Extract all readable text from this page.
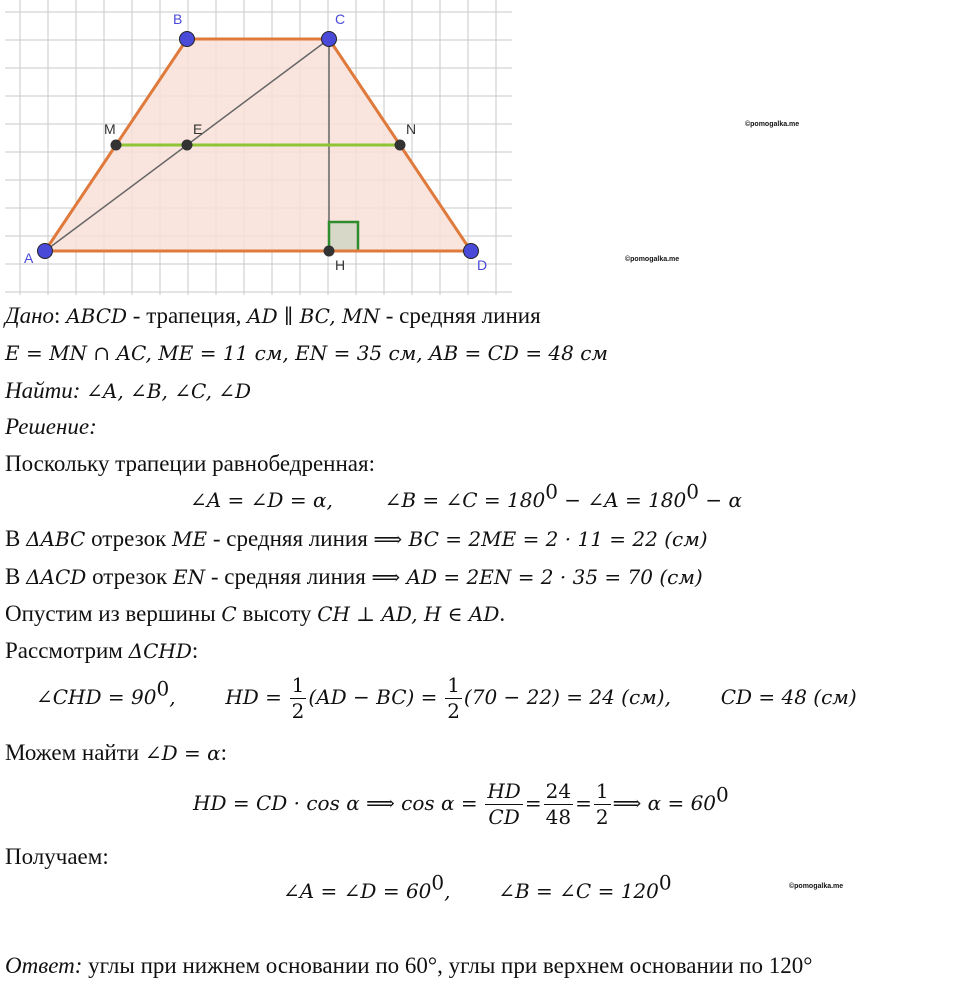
B	C
A	D
M	E	N
H
©pomogalka.me
©pomogalka.me
©pomogalka.me
Дано: ABCD - трапеция, AD ∥ BC, MN - средняя линия
E = MN ∩ AC, ME = 11 см, EN = 35 см, AB = CD = 48 см
Найти: ∠A, ∠B, ∠C, ∠D
Решение:
Поскольку трапеции равнобедренная:
∠A = ∠D = α,	∠B = ∠C = $180^0$ − ∠A = $180^0 - \alpha$
В ΔABC отрезок ME - средняя линия ⟹ BC = 2ME = 2 · 11 = 22 (см)
В ΔACD отрезок EN - средняя линия ⟹ AD = 2EN = 2 · 35 = 70 (см)
Опустим из вершины C высоту CH ⊥ AD, H ∈ AD.
Рассмотрим ΔCHD:
∠CHD = $90^0$, HD = $\frac{1}{2} (AD - BC) = \frac{1}{2} (70 - 22) = 24$ (см), CD = 48 (см)
Можем найти ∠D = α:
HD = CD · cos α ⟹ $\cos \alpha = \frac{HD}{CD} = \frac{24}{48} = \frac{1}{2}$ ⟹ $\alpha = 60^0$
Получаем:
∠A = ∠D = $60^0$, ∠B = ∠C = $120^0$
Ответ: углы при нижнем основании по 60°, углы при верхнем основании по 120°
